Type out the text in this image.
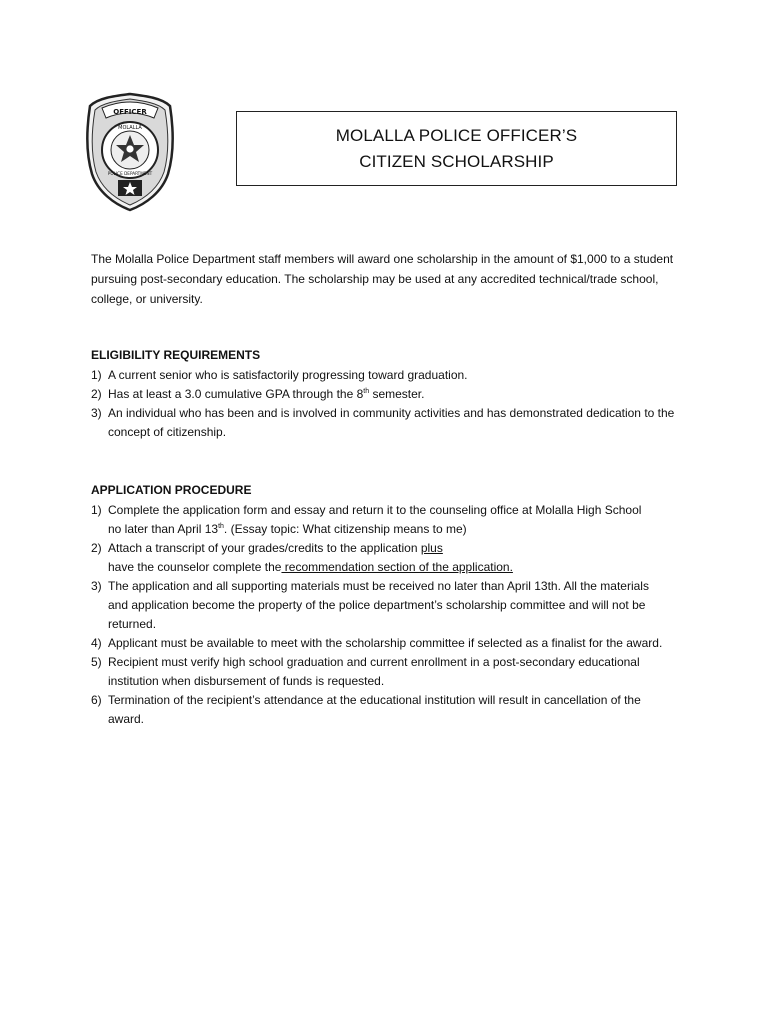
OFFICER
MOLALLA
POLICE DEPARTMENT
MOLALLA POLICE OFFICER’S
CITIZEN SCHOLARSHIP

The Molalla Police Department staff members will award one scholarship in the amount of $1,000 to a student pursuing post-secondary education. The scholarship may be used at any accredited technical/trade school, college, or university.

ELIGIBILITY REQUIREMENTS
1) A current senior who is satisfactorily progressing toward graduation.
2) Has at least a 3.0 cumulative GPA through the 8th semester.
3) An individual who has been and is involved in community activities and has demonstrated dedication to the concept of citizenship.
APPLICATION PROCEDURE
1) Complete the application form and essay and return it to the counseling office at Molalla High School
no later than April 13th. (Essay topic: What citizenship means to me)
2) Attach a transcript of your grades/credits to the application plus
have the counselor complete the recommendation section of the application.
3) The application and all supporting materials must be received no later than April 13th. All the materials and application become the property of the police department’s scholarship committee and will not be returned.
4) Applicant must be available to meet with the scholarship committee if selected as a finalist for the award.
5) Recipient must verify high school graduation and current enrollment in a post-secondary educational institution when disbursement of funds is requested.
6) Termination of the recipient’s attendance at the educational institution will result in cancellation of the award.
